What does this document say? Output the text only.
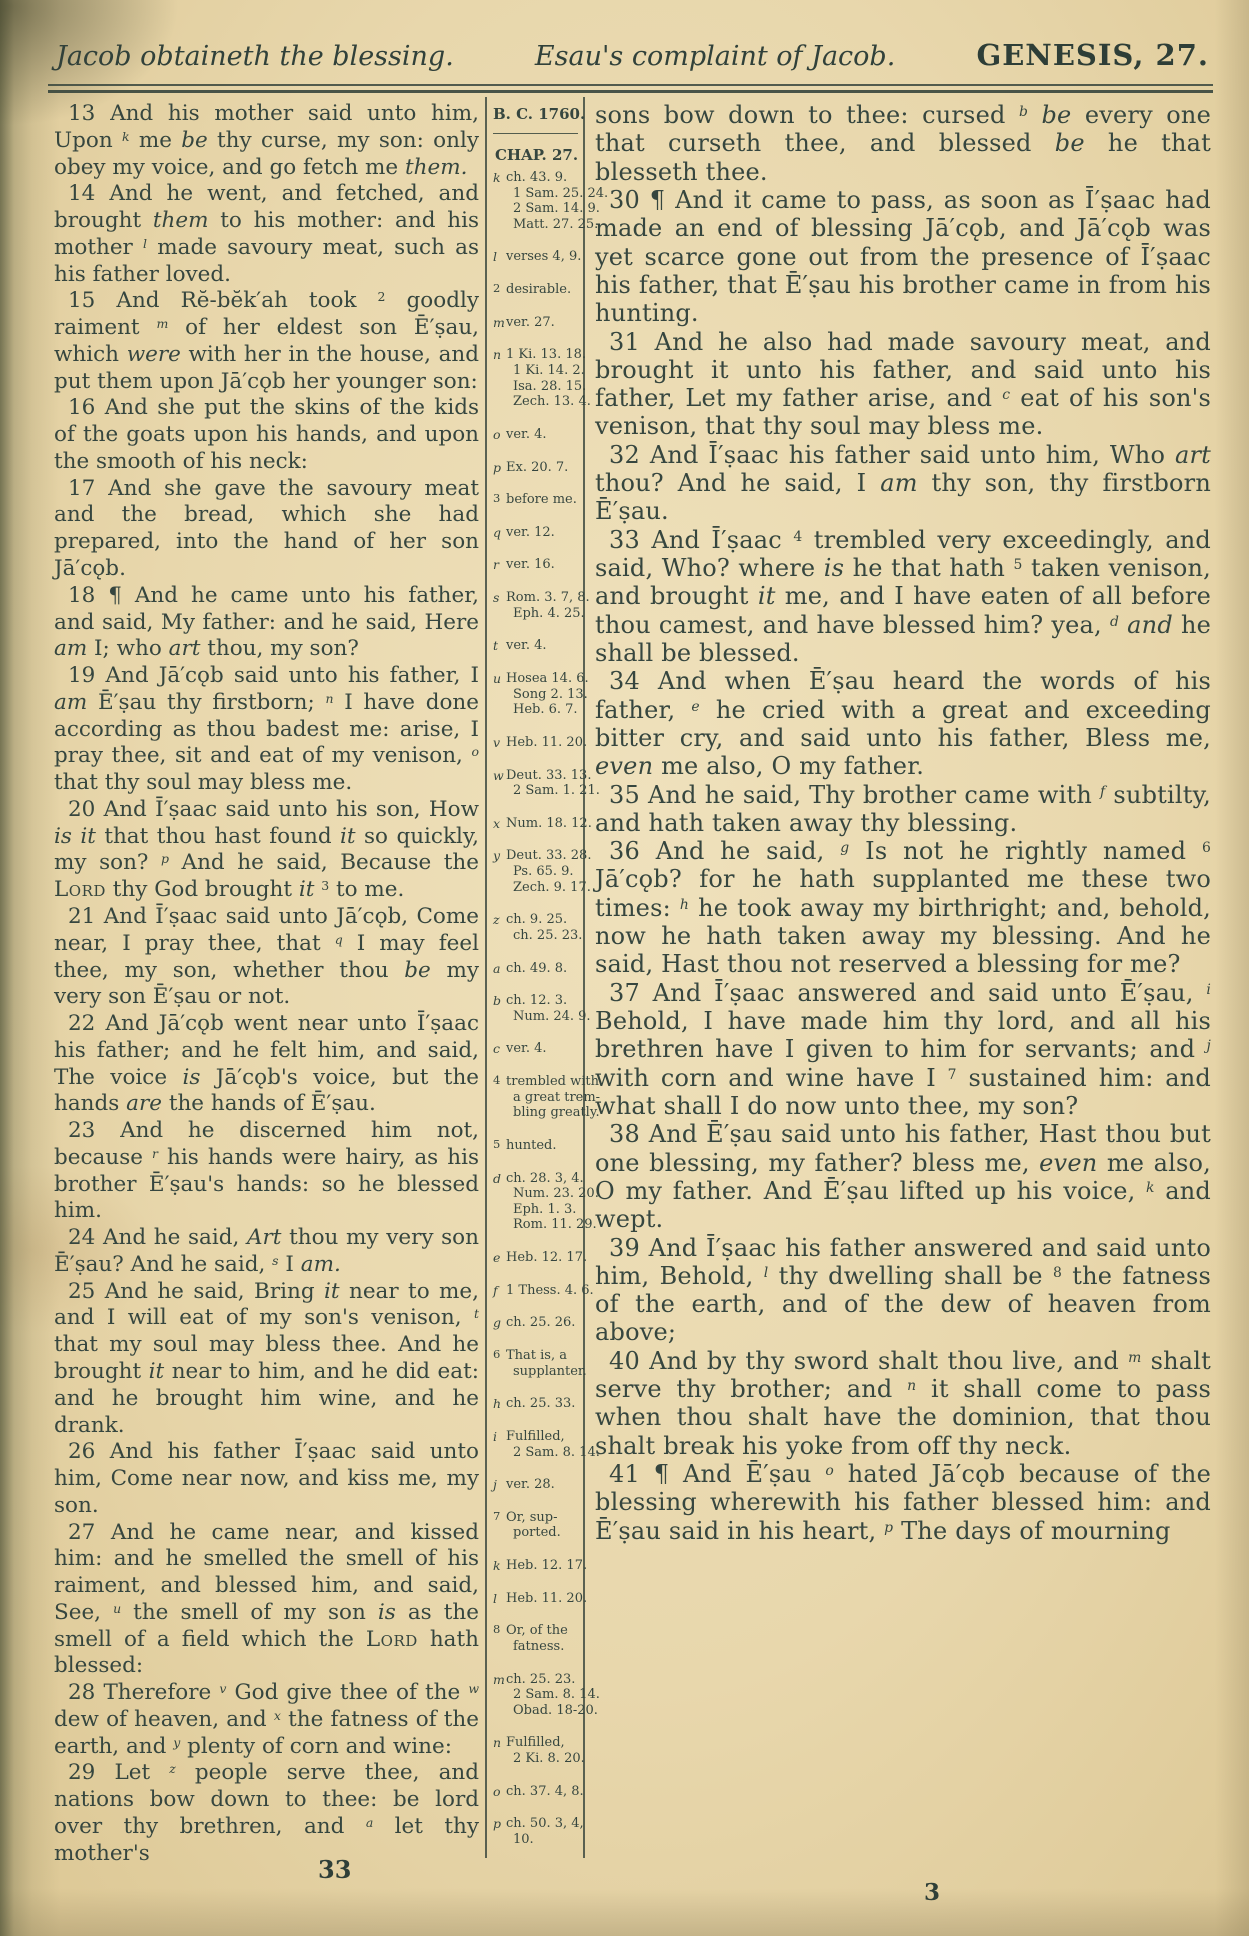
Jacob obtaineth the blessing.	Esau's complaint of Jacob.	GENESIS, 27.

13 And his mother said unto him, Upon $^k$ me be thy curse, my son: only obey my voice, and go fetch me them.

14 And he went, and fetched, and brought them to his mother: and his mother $^l$ made savoury meat, such as his father loved.

15 And Rĕ-bĕk′ah took $^2$ goodly raiment $^m$ of her eldest son Ē′ṣau, which were with her in the house, and put them upon Jā′cǫb her younger son:

16 And she put the skins of the kids of the goats upon his hands, and upon the smooth of his neck:

17 And she gave the savoury meat and the bread, which she had prepared, into the hand of her son Jā′cǫb.

18 ¶ And he came unto his father, and said, My father: and he said, Here am I; who art thou, my son?

19 And Jā′cǫb said unto his father, I am Ē′ṣau thy firstborn; $^n$ I have done according as thou badest me: arise, I pray thee, sit and eat of my venison, $^o$ that thy soul may bless me.

20 And Ī′ṣaac said unto his son, How is it that thou hast found it so quickly, my son? $^p$ And he said, Because the Lord thy God brought it $^3$ to me.

21 And Ī′ṣaac said unto Jā′cǫb, Come near, I pray thee, that $^q$ I may feel thee, my son, whether thou be my very son Ē′ṣau or not.

22 And Jā′cǫb went near unto Ī′ṣaac his father; and he felt him, and said, The voice is Jā′cǫb's voice, but the hands are the hands of Ē′ṣau.

23 And he discerned him not, because $^r$ his hands were hairy, as his brother Ē′ṣau's hands: so he blessed him.

24 And he said, Art thou my very son Ē′ṣau? And he said, $^s$ I am.

25 And he said, Bring it near to me, and I will eat of my son's venison, $^t$ that my soul may bless thee. And he brought it near to him, and he did eat: and he brought him wine, and he drank.

26 And his father Ī′ṣaac said unto him, Come near now, and kiss me, my son.

27 And he came near, and kissed him: and he smelled the smell of his raiment, and blessed him, and said, See, $^u$ the smell of my son is as the smell of a field which the Lord hath blessed:

28 Therefore $^v$ God give thee of the $^w$ dew of heaven, and $^x$ the fatness of the earth, and $^y$ plenty of corn and wine:

29 Let $^z$ people serve thee, and nations bow down to thee: be lord over thy brethren, and $^a$ let thy mother's

B. C. 1760.
CHAP. 27.
k ch. 43. 9.
1 Sam. 25. 24.
2 Sam. 14. 9.
Matt. 27. 25.
l verses 4, 9.
2 desirable.
m ver. 27.
n 1 Ki. 13. 18.
1 Ki. 14. 2.
Isa. 28. 15.
Zech. 13. 4.
o ver. 4.
p Ex. 20. 7.
3 before me.
q ver. 12.
r ver. 16.
s Rom. 3. 7, 8.
Eph. 4. 25.
t ver. 4.
u Hosea 14. 6.
Song 2. 13.
Heb. 6. 7.
v Heb. 11. 20.
w Deut. 33. 13.
2 Sam. 1. 21.
x Num. 18. 12.
y Deut. 33. 28.
Ps. 65. 9.
Zech. 9. 17.
z ch. 9. 25.
ch. 25. 23.
a ch. 49. 8.
b ch. 12. 3.
Num. 24. 9.
c ver. 4.
4 trembled with
a great trem-
bling greatly.
5 hunted.
d ch. 28. 3, 4.
Num. 23. 20.
Eph. 1. 3.
Rom. 11. 29.
e Heb. 12. 17.
f 1 Thess. 4. 6.
g ch. 25. 26.
6 That is, a
supplanter.
h ch. 25. 33.
i Fulfilled,
2 Sam. 8. 14.
j ver. 28.
7 Or, sup-
ported.
k Heb. 12. 17.
l Heb. 11. 20.
8 Or, of the
fatness.
m ch. 25. 23.
2 Sam. 8. 14.
Obad. 18-20.
n Fulfilled,
2 Ki. 8. 20.
o ch. 37. 4, 8.
p ch. 50. 3, 4,
10.

sons bow down to thee: cursed $^b$ be every one that curseth thee, and blessed be he that blesseth thee.

30 ¶ And it came to pass, as soon as Ī′ṣaac had made an end of blessing Jā′cǫb, and Jā′cǫb was yet scarce gone out from the presence of Ī′ṣaac his father, that Ē′ṣau his brother came in from his hunting.

31 And he also had made savoury meat, and brought it unto his father, and said unto his father, Let my father arise, and $^c$ eat of his son's venison, that thy soul may bless me.

32 And Ī′ṣaac his father said unto him, Who art thou? And he said, I am thy son, thy firstborn Ē′ṣau.

33 And Ī′ṣaac $^4$ trembled very exceedingly, and said, Who? where is he that hath $^5$ taken venison, and brought it me, and I have eaten of all before thou camest, and have blessed him? yea, $^d$ and he shall be blessed.

34 And when Ē′ṣau heard the words of his father, $^e$ he cried with a great and exceeding bitter cry, and said unto his father, Bless me, even me also, O my father.

35 And he said, Thy brother came with $^f$ subtilty, and hath taken away thy blessing.

36 And he said, $^g$ Is not he rightly named $^6$ Jā′cǫb? for he hath supplanted me these two times: $^h$ he took away my birthright; and, behold, now he hath taken away my blessing. And he said, Hast thou not reserved a blessing for me?

37 And Ī′ṣaac answered and said unto Ē′ṣau, $^i$ Behold, I have made him thy lord, and all his brethren have I given to him for servants; and $^j$ with corn and wine have I $^7$ sustained him: and what shall I do now unto thee, my son?

38 And Ē′ṣau said unto his father, Hast thou but one blessing, my father? bless me, even me also, O my father. And Ē′ṣau lifted up his voice, $^k$ and wept.

39 And Ī′ṣaac his father answered and said unto him, Behold, $^l$ thy dwelling shall be $^8$ the fatness of the earth, and of the dew of heaven from above;

40 And by thy sword shalt thou live, and $^m$ shalt serve thy brother; and $^n$ it shall come to pass when thou shalt have the dominion, that thou shalt break his yoke from off thy neck.

41 ¶ And Ē′ṣau $^o$ hated Jā′cǫb because of the blessing wherewith his father blessed him: and Ē′ṣau said in his heart, $^p$ The days of mourning

33
3
